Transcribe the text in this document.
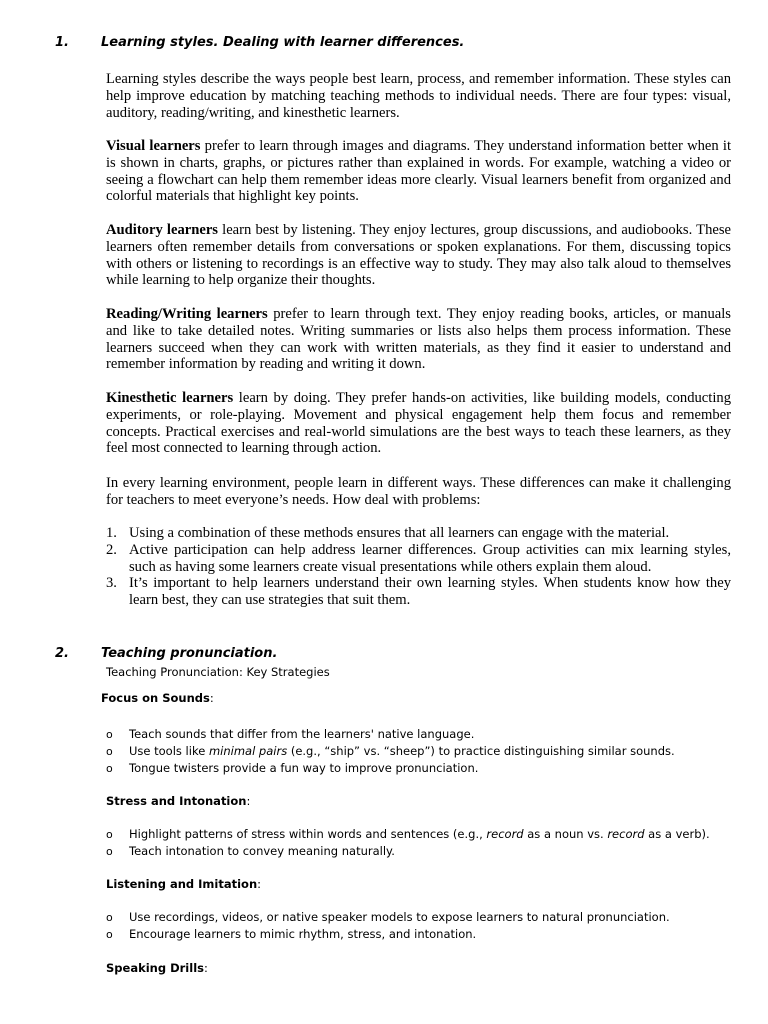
1. Learning styles. Dealing with learner differences.

Learning styles describe the ways people best learn, process, and remember information. These styles can help improve education by matching teaching methods to individual needs. There are four types: visual, auditory, reading/writing, and kinesthetic learners.

Visual learners prefer to learn through images and diagrams. They understand information better when it is shown in charts, graphs, or pictures rather than explained in words. For example, watching a video or seeing a flowchart can help them remember ideas more clearly. Visual learners benefit from organized and colorful materials that highlight key points.

Auditory learners learn best by listening. They enjoy lectures, group discussions, and audiobooks. These learners often remember details from conversations or spoken explanations. For them, discussing topics with others or listening to recordings is an effective way to study. They may also talk aloud to themselves while learning to help organize their thoughts.

Reading/Writing learners prefer to learn through text. They enjoy reading books, articles, or manuals and like to take detailed notes. Writing summaries or lists also helps them process information. These learners succeed when they can work with written materials, as they find it easier to understand and remember information by reading and writing it down.

Kinesthetic learners learn by doing. They prefer hands-on activities, like building models, conducting experiments, or role-playing. Movement and physical engagement help them focus and remember concepts. Practical exercises and real-world simulations are the best ways to teach these learners, as they feel most connected to learning through action.

In every learning environment, people learn in different ways. These differences can make it challenging for teachers to meet everyone’s needs. How deal with problems:

1. Using a combination of these methods ensures that all learners can engage with the material.
2. Active participation can help address learner differences. Group activities can mix learning styles, such as having some learners create visual presentations while others explain them aloud.
3. It’s important to help learners understand their own learning styles. When students know how they learn best, they can use strategies that suit them.
2. Teaching pronunciation.
Teaching Pronunciation: Key Strategies
Focus on Sounds:
o Teach sounds that differ from the learners' native language.
o Use tools like minimal pairs (e.g., “ship” vs. “sheep”) to practice distinguishing similar sounds.
o Tongue twisters provide a fun way to improve pronunciation.
Stress and Intonation:
o Highlight patterns of stress within words and sentences (e.g., record as a noun vs. record as a verb).
o Teach intonation to convey meaning naturally.
Listening and Imitation:
o Use recordings, videos, or native speaker models to expose learners to natural pronunciation.
o Encourage learners to mimic rhythm, stress, and intonation.
Speaking Drills:
